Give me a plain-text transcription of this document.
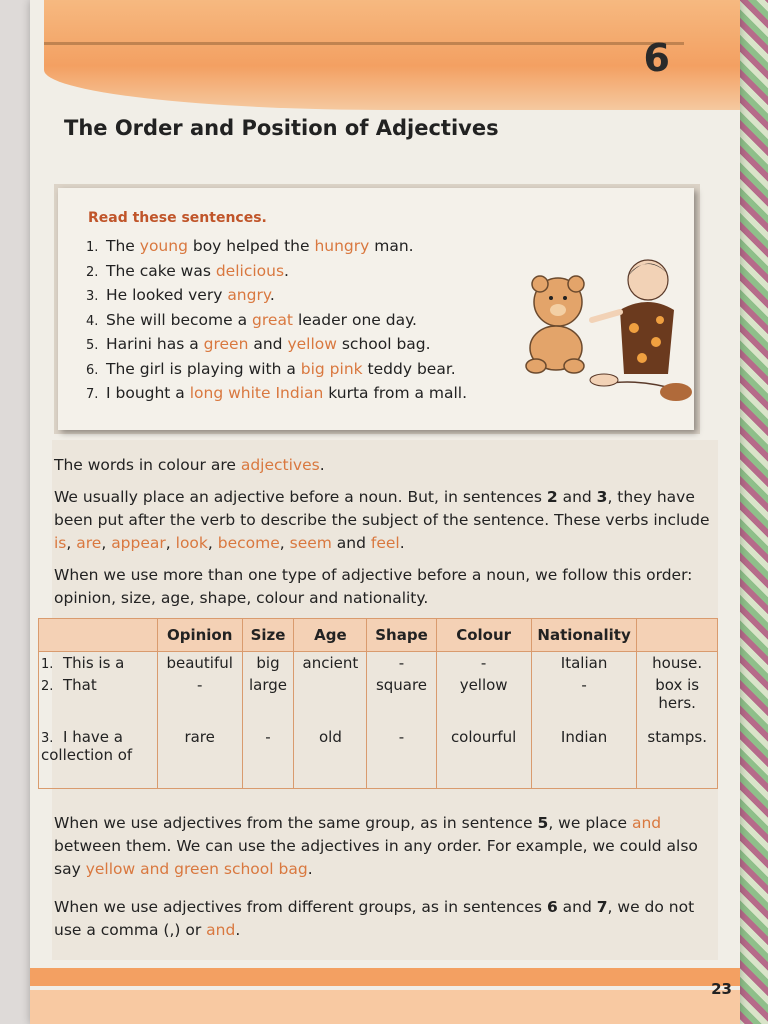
6
The Order and Position of Adjectives
Read these sentences.
1. The young boy helped the hungry man.
2. The cake was delicious.
3. He looked very angry.
4. She will become a great leader one day.
5. Harini has a green and yellow school bag.
6. The girl is playing with a big pink teddy bear.
7. I bought a long white Indian kurta from a mall.
The words in colour are adjectives.
We usually place an adjective before a noun. But, in sentences 2 and 3, they have been put after the verb to describe the subject of the sentence. These verbs include is, are, appear, look, become, seem and feel.
When we use more than one type of adjective before a noun, we follow this order: opinion, size, age, shape, colour and nationality.
	Opinion	Size	Age	Shape	Colour	Nationality	
1. This is a	beautiful	big	ancient	-	-	Italian	house.
2. That	-	large		square	yellow	-	box is hers.
3. I have a collection of	rare	-	old	-	colourful	Indian	stamps.
When we use adjectives from the same group, as in sentence 5, we place and between them. We can use the adjectives in any order. For example, we could also say yellow and green school bag.
When we use adjectives from different groups, as in sentences 6 and 7, we do not use a comma (,) or and.
23
